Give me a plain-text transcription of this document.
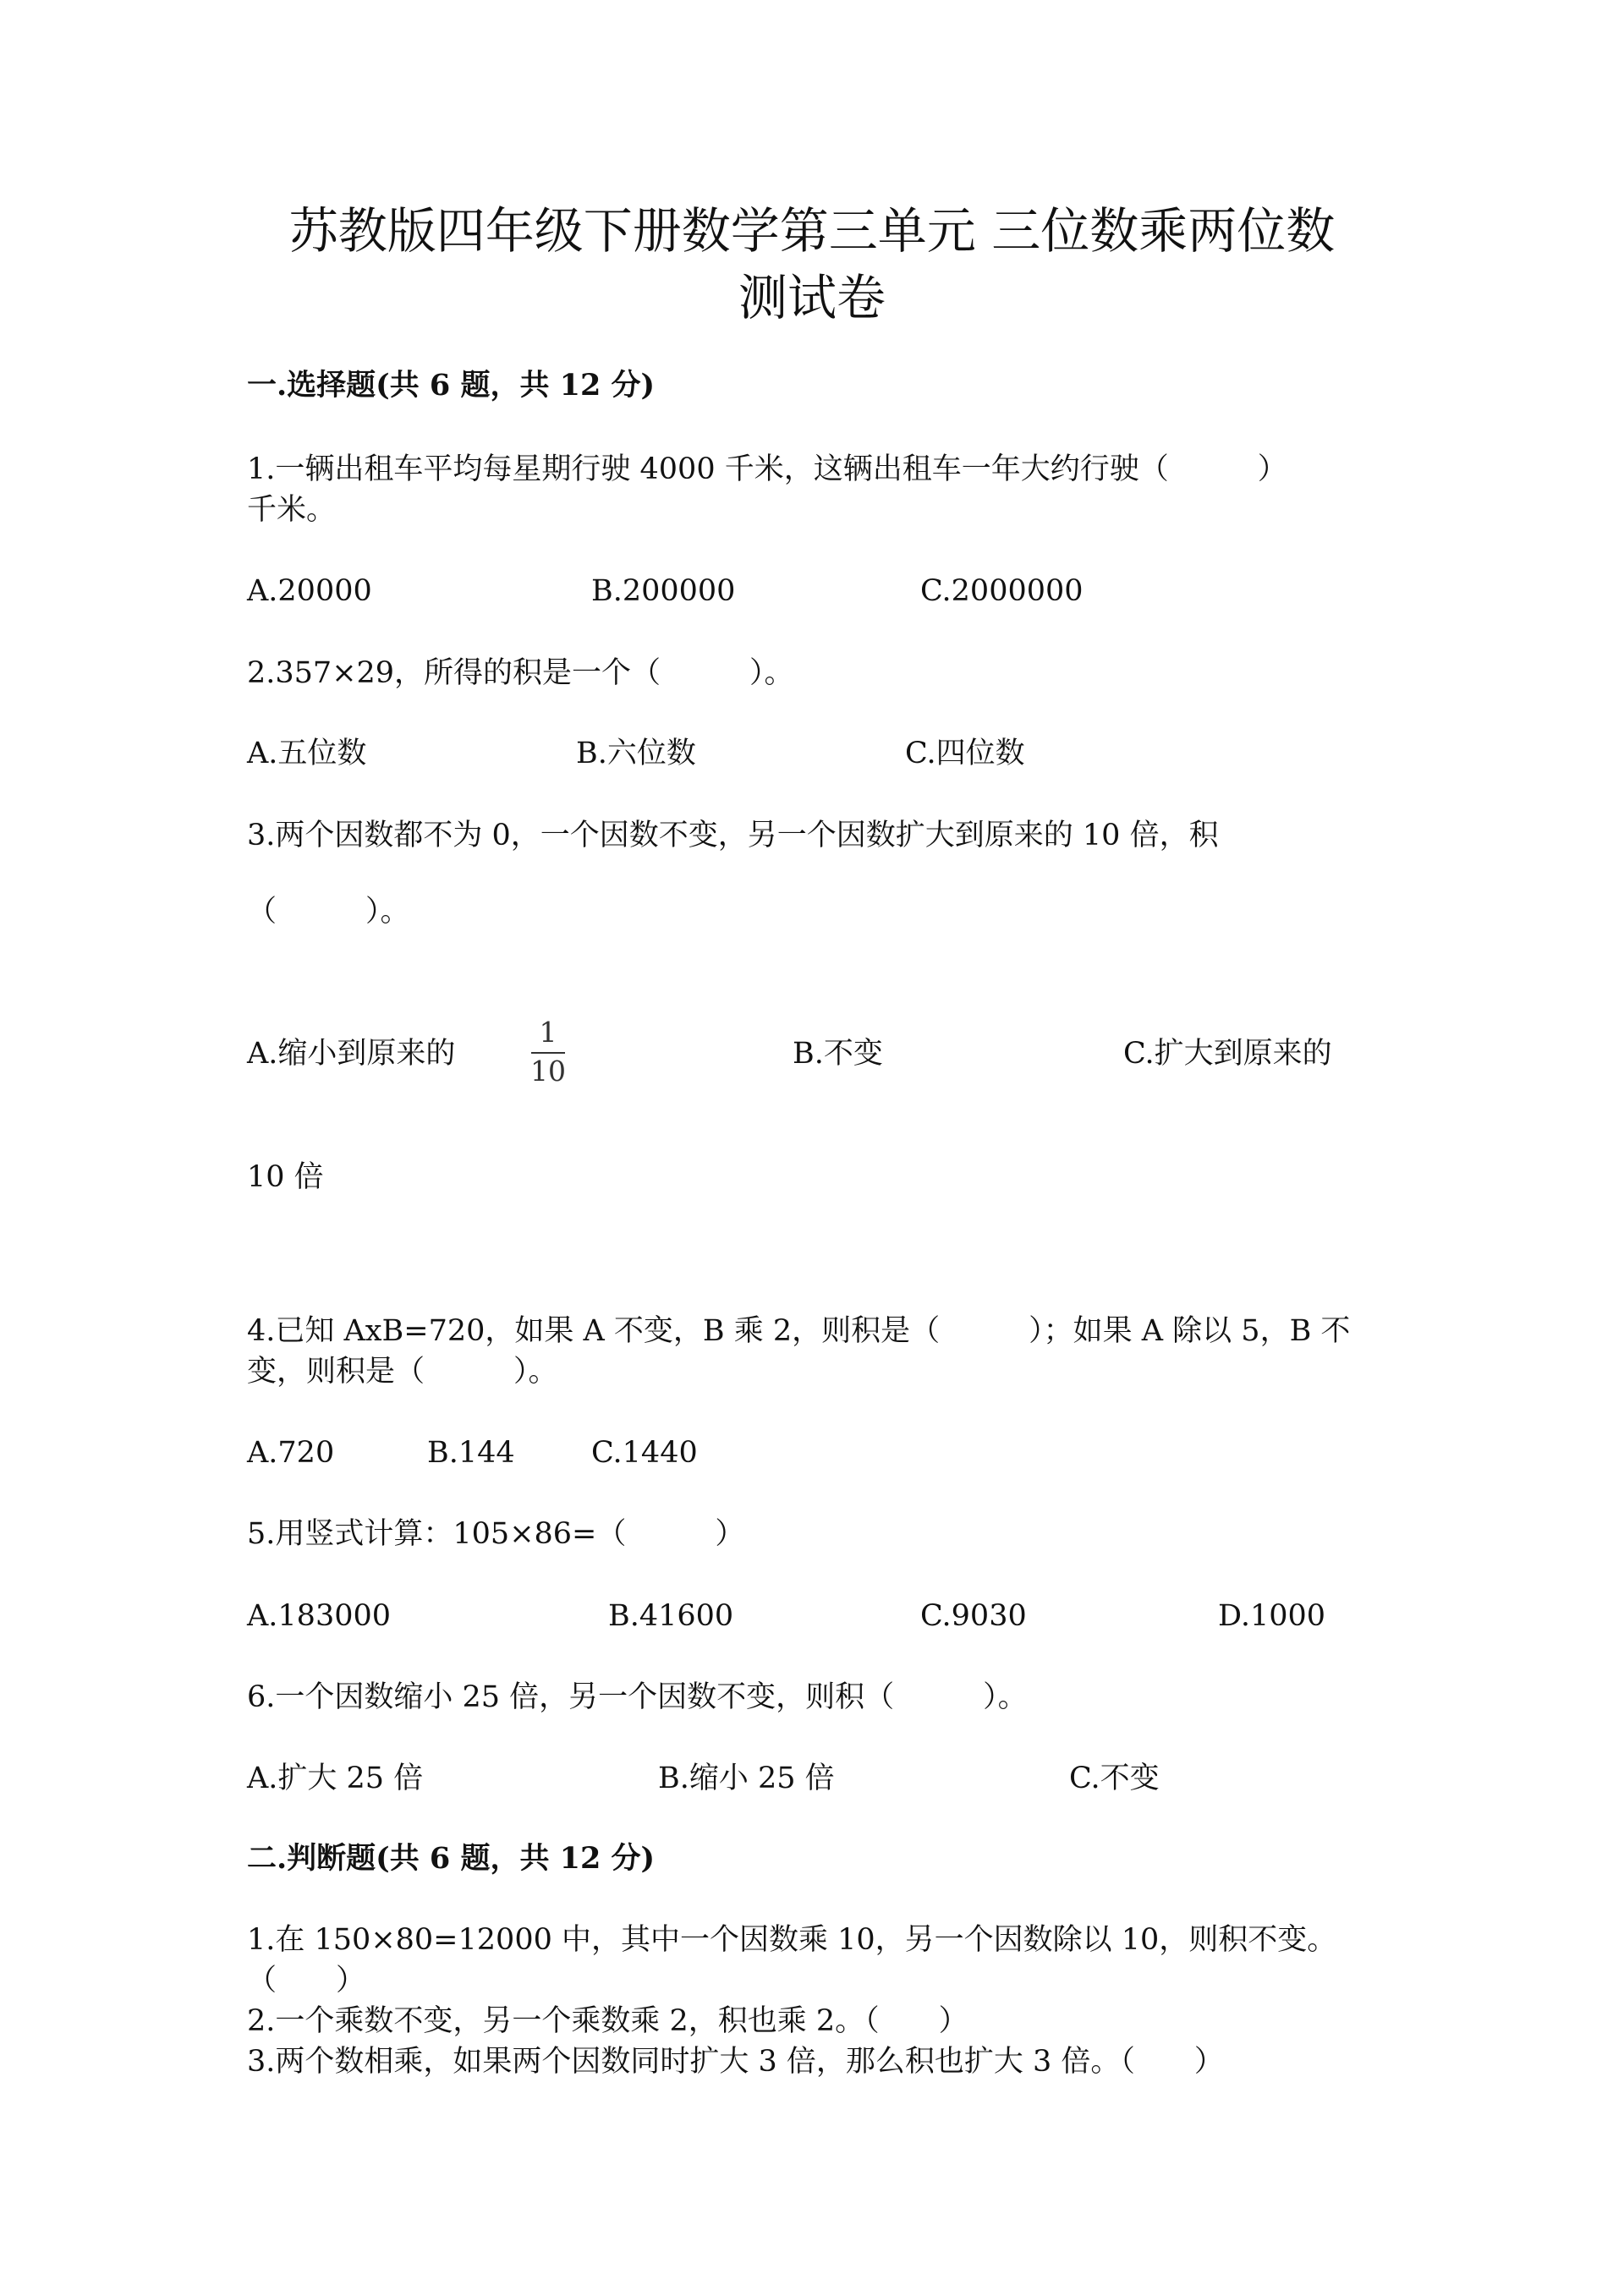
苏教版四年级下册数学第三单元 三位数乘两位数
测试卷
一.选择题(共 6 题，共 12 分)
1.一辆出租车平均每星期行驶 4000 千米，这辆出租车一年大约行驶（　　　）
千米。
A.20000	B.200000	C.2000000
2.357×29，所得的积是一个（　　　）。
A.五位数	B.六位数	C.四位数
3.两个因数都不为 0，一个因数不变，另一个因数扩大到原来的 10 倍，积
（　　　）。
A.缩小到原来的
1
10
B.不变	C.扩大到原来的
10 倍
4.已知 AxB=720，如果 A 不变，B 乘 2，则积是（　　　）；如果 A 除以 5，B 不
变，则积是（　　　）。
A.720	B.144	C.1440
5.用竖式计算：105×86=（　　　）
A.183000	B.41600	C.9030	D.1000
6.一个因数缩小 25 倍，另一个因数不变，则积（　　　）。
A.扩大 25 倍	B.缩小 25 倍	C.不变
二.判断题(共 6 题，共 12 分)
1.在 150×80=12000 中，其中一个因数乘 10，另一个因数除以 10，则积不变。
（　　）
2.一个乘数不变，另一个乘数乘 2，积也乘 2。（　　）
3.两个数相乘，如果两个因数同时扩大 3 倍，那么积也扩大 3 倍。（　　）
